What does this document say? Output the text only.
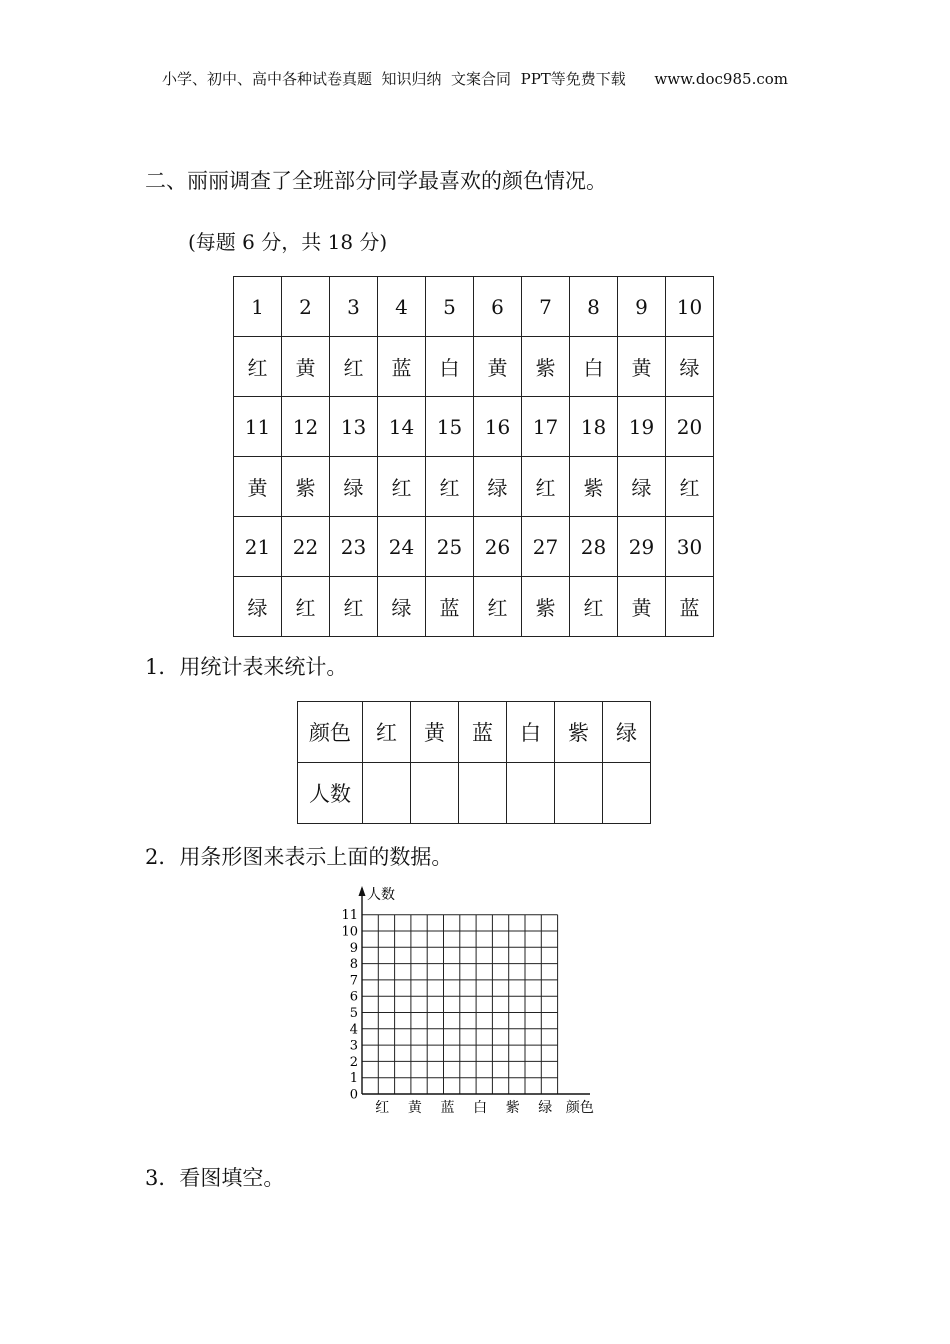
小学、初中、高中各种试卷真题  知识归纳  文案合同  PPT等免费下载      www.doc985.com
二、丽丽调查了全班部分同学最喜欢的颜色情况。
(每题 6 分，共 18 分)
1	2	3	4	5	6	7	8	9	10
红	黄	红	蓝	白	黄	紫	白	黄	绿
11	12	13	14	15	16	17	18	19	20
黄	紫	绿	红	红	绿	红	紫	绿	红
21	22	23	24	25	26	27	28	29	30
绿	红	红	绿	蓝	红	紫	红	黄	蓝
1．用统计表来统计。
颜色	红	黄	蓝	白	紫	绿
人数						
2．用条形图来表示上面的数据。
人数
0
1
2
3
4
5
6
7
8
9
10
11
红 黄 蓝 白 紫 绿 颜色
3．看图填空。
